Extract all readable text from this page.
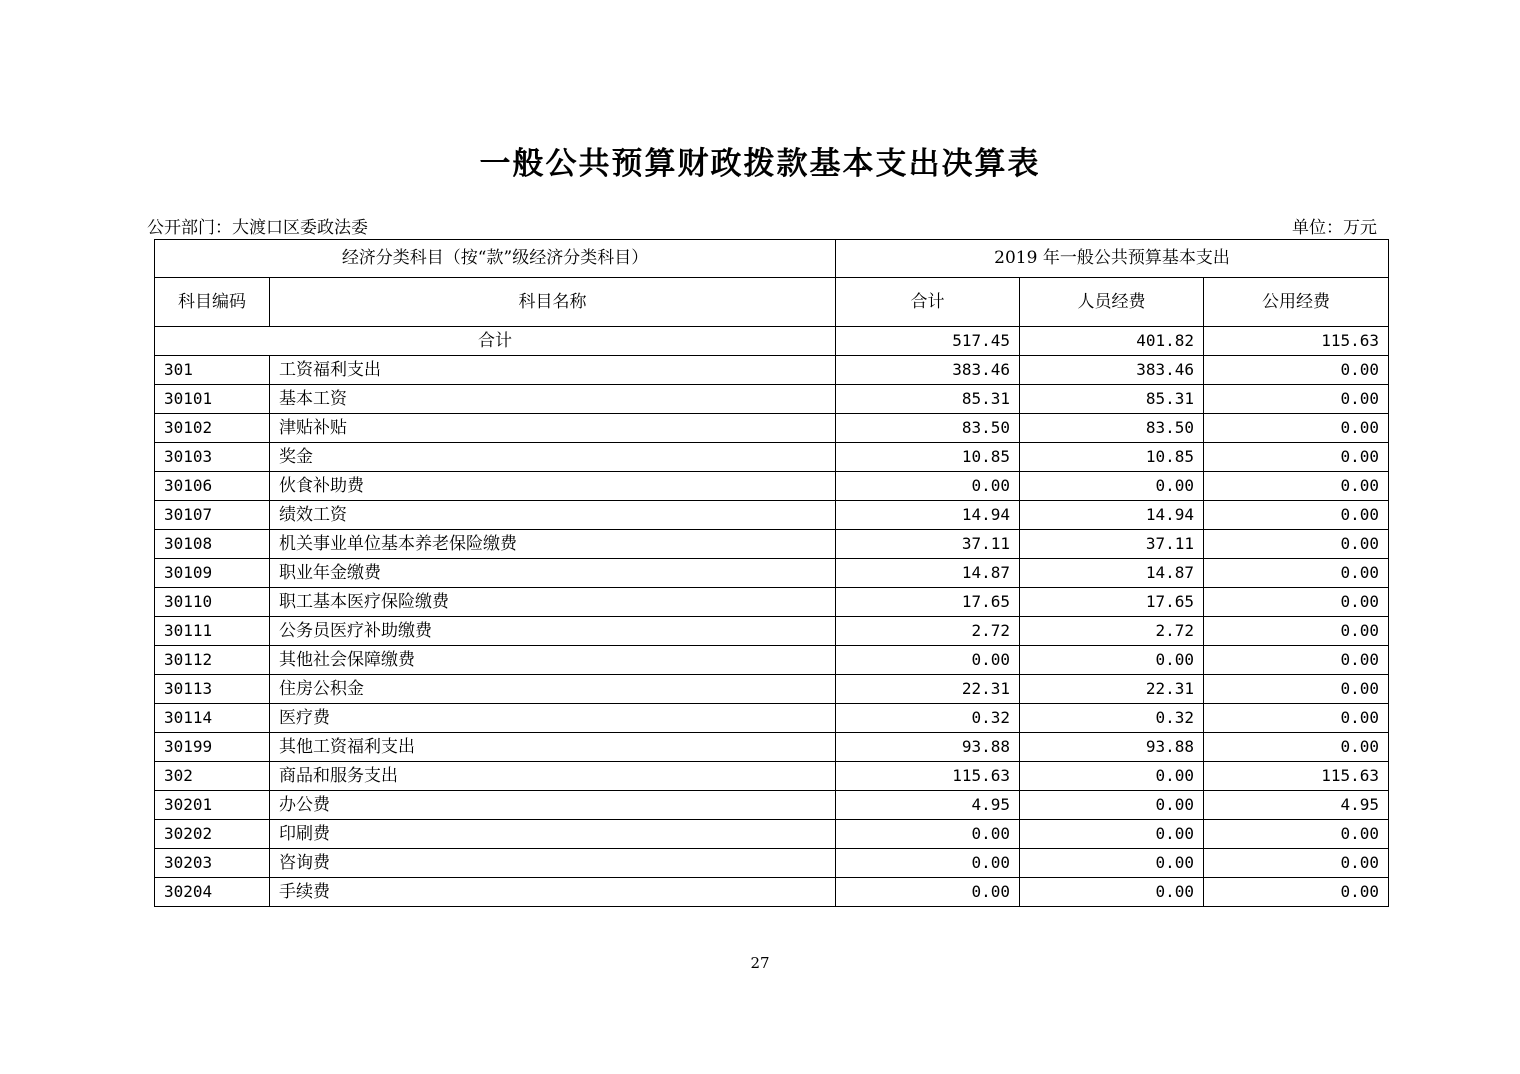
一般公共预算财政拨款基本支出决算表
公开部门：大渡口区委政法委	单位：万元
经济分类科目（按“款”级经济分类科目）		2019 年一般公共预算基本支出		
科目编码	科目名称	合计	人员经费	公用经费
合计		517.45	401.82	115.63
301	工资福利支出	383.46	383.46	0.00
30101	基本工资	85.31	85.31	0.00
30102	津贴补贴	83.50	83.50	0.00
30103	奖金	10.85	10.85	0.00
30106	伙食补助费	0.00	0.00	0.00
30107	绩效工资	14.94	14.94	0.00
30108	机关事业单位基本养老保险缴费	37.11	37.11	0.00
30109	职业年金缴费	14.87	14.87	0.00
30110	职工基本医疗保险缴费	17.65	17.65	0.00
30111	公务员医疗补助缴费	2.72	2.72	0.00
30112	其他社会保障缴费	0.00	0.00	0.00
30113	住房公积金	22.31	22.31	0.00
30114	医疗费	0.32	0.32	0.00
30199	其他工资福利支出	93.88	93.88	0.00
302	商品和服务支出	115.63	0.00	115.63
30201	办公费	4.95	0.00	4.95
30202	印刷费	0.00	0.00	0.00
30203	咨询费	0.00	0.00	0.00
30204	手续费	0.00	0.00	0.00
27
